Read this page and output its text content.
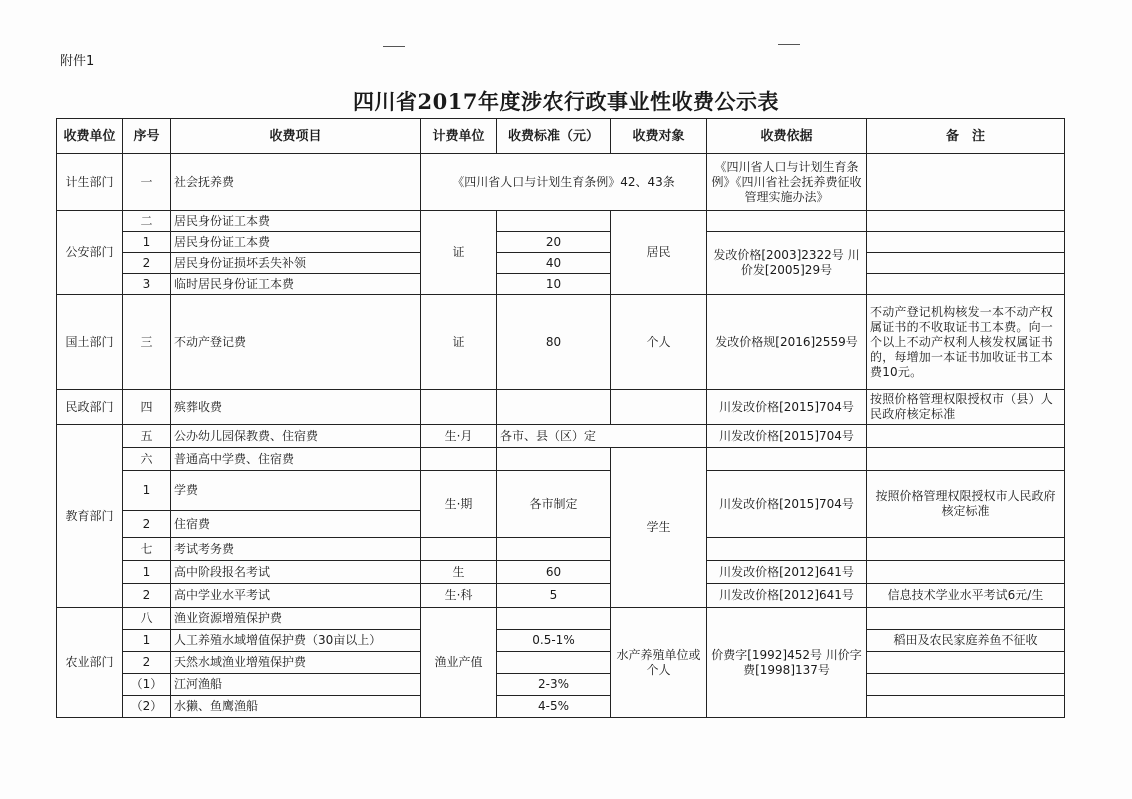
附件1
四川省2017年度涉农行政事业性收费公示表
收费单位	序号	收费项目	计费单位	收费标准（元）	收费对象	收费依据	备　注
计生部门	一	社会抚养费	《四川省人口与计划生育条例》42、43条			《四川省人口与计划生育条例》《四川省社会抚养费征收管理实施办法》	
公安部门	二	居民身份证工本费	证		居民		
	1	居民身份证工本费		20		发改价格[2003]2322号 川价发[2005]29号	
	2	居民身份证损坏丢失补领		40			
	3	临时居民身份证工本费		10			
国土部门	三	不动产登记费	证	80	个人	发改价格规[2016]2559号	不动产登记机构核发一本不动产权属证书的不收取证书工本费。向一个以上不动产权利人核发权属证书的，每增加一本证书加收证书工本费10元。
民政部门	四	殡葬收费				川发改价格[2015]704号	按照价格管理权限授权市（县）人民政府核定标准
教育部门	五	公办幼儿园保教费、住宿费	生·月	各市、县（区）定		川发改价格[2015]704号	
	六	普通高中学费、住宿费			学生		
	1	学费	生·期	各市制定		川发改价格[2015]704号	按照价格管理权限授权市人民政府核定标准
	2	住宿费					
	七	考试考务费					
	1	高中阶段报名考试	生	60		川发改价格[2012]641号	
	2	高中学业水平考试	生·科	5		川发改价格[2012]641号	信息技术学业水平考试6元/生
农业部门	八	渔业资源增殖保护费	渔业产值		水产养殖单位或个人	价费字[1992]452号 川价字费[1998]137号	
	1	人工养殖水域增值保护费（30亩以上）		0.5-1%			稻田及农民家庭养鱼不征收
	2	天然水域渔业增殖保护费					
	（1）	江河渔船		2-3%			
	（2）	水獭、鱼鹰渔船		4-5%			
